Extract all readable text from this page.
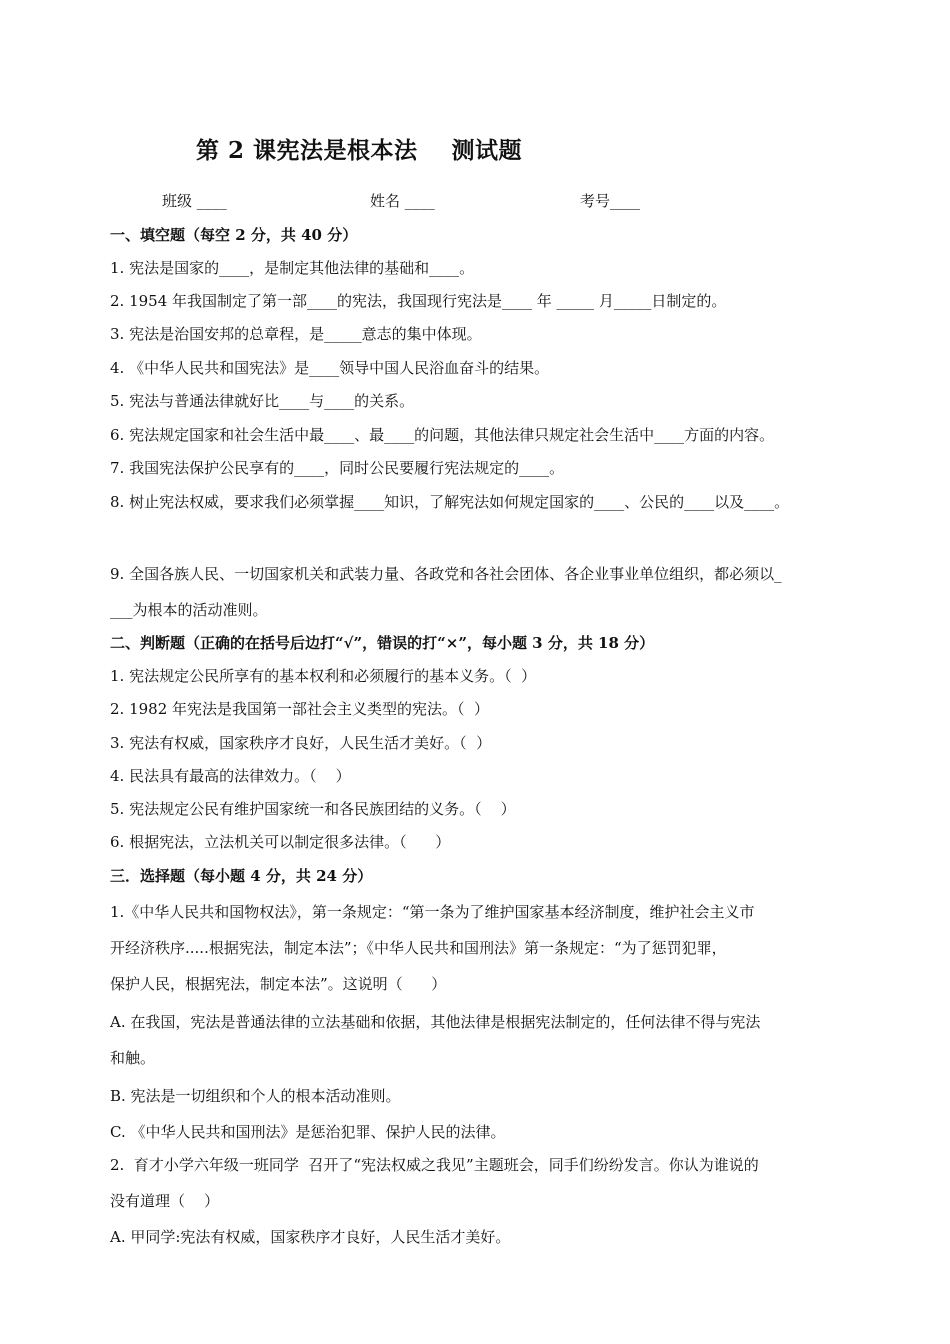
第 2 课宪法是根本法    测试题
班级 ____	姓名 ____	考号____
一、填空题（每空 2 分，共 40 分）
1. 宪法是国家的____，是制定其他法律的基础和____。
2. 1954 年我国制定了第一部____的宪法，我国现行宪法是____ 年 _____ 月_____日制定的。
3. 宪法是治国安邦的总章程，是_____意志的集中体现。
4. 《中华人民共和国宪法》是____领导中国人民浴血奋斗的结果。
5. 宪法与普通法律就好比____与____的关系。
6. 宪法规定国家和社会生活中最____、最____的问题，其他法律只规定社会生活中____方面的内容。
7. 我国宪法保护公民享有的____，同时公民要履行宪法规定的____。
8. 树止宪法权威，要求我们必须掌握____知识，了解宪法如何规定国家的____、公民的____以及____。
9. 全国各族人民、一切国家机关和武装力量、各政党和各社会团体、各企业事业单位组织，都必须以_
___为根本的活动准则。
二、判断题（正确的在括号后边打“√”，错误的打“×”，每小题 3 分，共 18 分）
1. 宪法规定公民所享有的基本权利和必须履行的基本义务。（  ）
2. 1982 年宪法是我国第一部社会主义类型的宪法。（  ）
3. 宪法有权威，国家秩序才良好，人民生活才美好。（  ）
4. 民法具有最高的法律效力。（    ）
5. 宪法规定公民有维护国家统一和各民族团结的义务。（    ）
6. 根据宪法，立法机关可以制定很多法律。（      ）
三．选择题（每小题 4 分，共 24 分）
1.《中华人民共和国物权法》，第一条规定：“第一条为了维护国家基本经济制度，维护社会主义市
开经济秩序.....根据宪法，制定本法”；《中华人民共和国刑法》第一条规定：“为了惩罚犯罪，
保护人民，根据宪法，制定本法”。这说明（      ）
A. 在我国，宪法是普通法律的立法基础和依据，其他法律是根据宪法制定的，任何法律不得与宪法
和触。
B. 宪法是一切组织和个人的根本活动准则。
C. 《中华人民共和国刑法》是惩治犯罪、保护人民的法律。
2.  育才小学六年级一班同学  召开了“宪法权威之我见”主题班会，同手们纷纷发言。你认为谁说的
没有道理（    ）
A. 甲同学:宪法有权威，国家秩序才良好，人民生活才美好。
